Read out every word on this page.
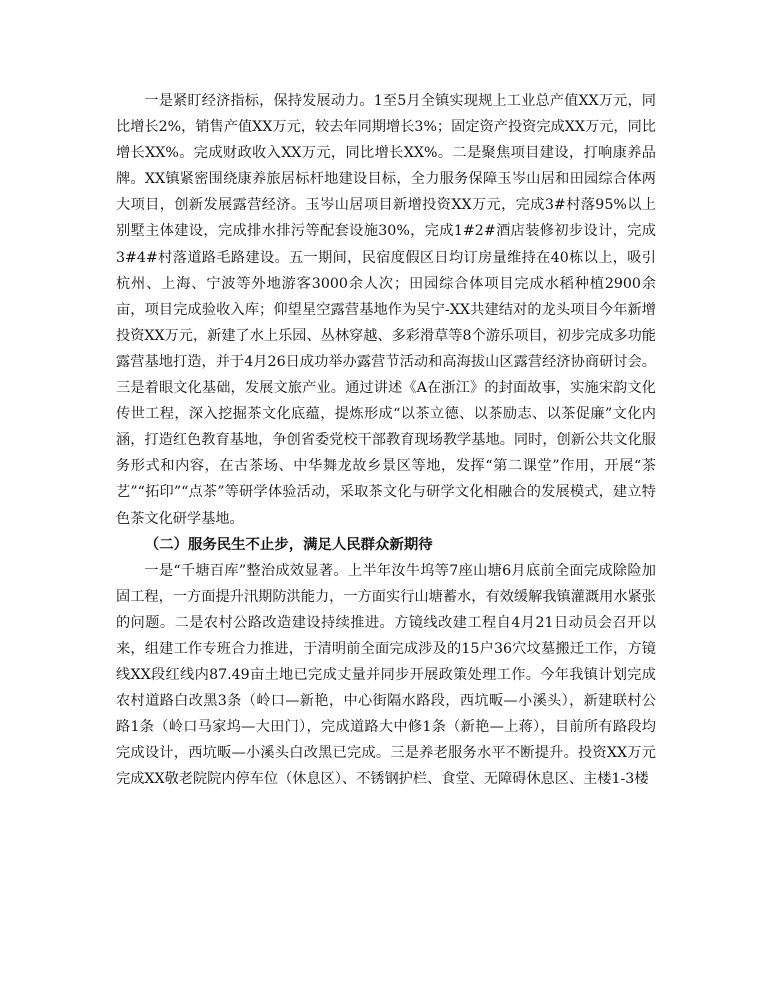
一是紧盯经济指标，保持发展动力。1至5月全镇实现规上工业总产值XX万元，同比增长2%，销售产值XX万元，较去年同期增长3%；固定资产投资完成XX万元，同比增长XX%。完成财政收入XX万元，同比增长XX%。二是聚焦项目建设，打响康养品牌。XX镇紧密围绕康养旅居标杆地建设目标，全力服务保障玉岑山居和田园综合体两大项目，创新发展露营经济。玉岑山居项目新增投资XX万元，完成3#村落95%以上别墅主体建设，完成排水排污等配套设施30%，完成1#2#酒店装修初步设计，完成3#4#村落道路毛路建设。五一期间，民宿度假区日均订房量维持在40栋以上，吸引杭州、上海、宁波等外地游客3000余人次；田园综合体项目完成水稻种植2900余亩，项目完成验收入库；仰望星空露营基地作为吴宁-XX共建结对的龙头项目今年新增投资XX万元，新建了水上乐园、丛林穿越、多彩滑草等8个游乐项目，初步完成多功能露营基地打造，并于4月26日成功举办露营节活动和高海拔山区露营经济协商研讨会。三是着眼文化基础，发展文旅产业。通过讲述《A在浙江》的封面故事，实施宋韵文化传世工程，深入挖掘茶文化底蕴，提炼形成“以茶立德、以茶励志、以茶促廉”文化内涵，打造红色教育基地，争创省委党校干部教育现场教学基地。同时，创新公共文化服务形式和内容，在古茶场、中华舞龙故乡景区等地，发挥“第二课堂”作用，开展“茶艺”“拓印”“点茶”等研学体验活动，采取茶文化与研学文化相融合的发展模式，建立特色茶文化研学基地。

（二）服务民生不止步，满足人民群众新期待

一是“千塘百库”整治成效显著。上半年汝牛坞等7座山塘6月底前全面完成除险加固工程，一方面提升汛期防洪能力，一方面实行山塘蓄水，有效缓解我镇灌溉用水紧张的问题。二是农村公路改造建设持续推进。方镜线改建工程自4月21日动员会召开以来，组建工作专班合力推进，于清明前全面完成涉及的15户36穴坟墓搬迁工作，方镜线XX段红线内87.49亩土地已完成丈量并同步开展政策处理工作。今年我镇计划完成农村道路白改黑3条（岭口—新艳，中心街隔水路段，西坑畈—小溪头），新建联村公路1条（岭口马家坞—大田门），完成道路大中修1条（新艳—上蒋），目前所有路段均完成设计，西坑畈—小溪头白改黑已完成。三是养老服务水平不断提升。投资XX万元完成XX敬老院院内停车位（休息区）、不锈钢护栏、食堂、无障碍休息区、主楼1-3楼
